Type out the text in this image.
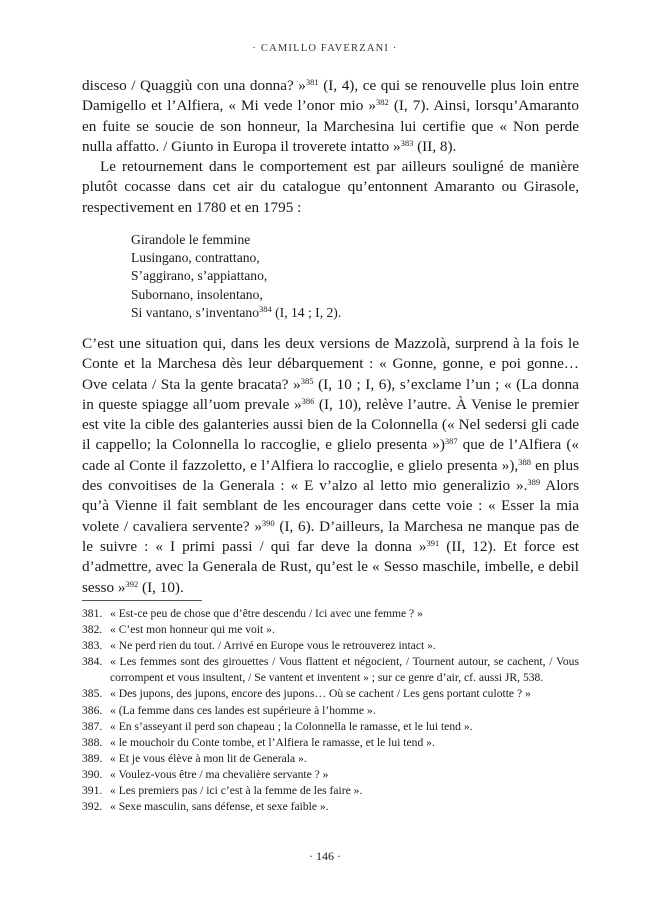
· CAMILLO FAVERZANI ·

disceso / Quaggiù con una donna? »$^{381}$ (I, 4), ce qui se renouvelle plus loin entre Damigello et l’Alfiera, « Mi vede l’onor mio »$^{382}$ (I, 7). Ainsi, lorsqu’Amaranto en fuite se soucie de son honneur, la Marchesina lui certifie que « Non perde nulla affatto. / Giunto in Europa il troverete intatto »$^{383}$ (II, 8).

Le retournement dans le comportement est par ailleurs souligné de manière plutôt cocasse dans cet air du catalogue qu’entonnent Amaranto ou Girasole, respectivement en 1780 et en 1795 :

Girandole le femmine
Lusingano, contrattano,
S’aggirano, s’appiattano,
Subornano, insolentano,
Si vantano, s’inventano$^{384}$ (I, 14 ; I, 2).

C’est une situation qui, dans les deux versions de Mazzolà, surprend à la fois le Conte et la Marchesa dès leur débarquement : « Gonne, gonne, e poi gonne… Ove celata / Sta la gente bracata? »$^{385}$ (I, 10 ; I, 6), s’exclame l’un ; « (La donna in queste spiagge all’uom prevale »$^{386}$ (I, 10), relève l’autre. À Venise le premier est vite la cible des galanteries aussi bien de la Colonnella (« Nel sedersi gli cade il cappello; la Colonnella lo raccoglie, e glielo presenta »)$^{387}$ que de l’Alfiera (« cade al Conte il fazzoletto, e l’Alfiera lo raccoglie, e glielo presenta »),$^{388}$ en plus des convoitises de la Generala : « E v’alzo al letto mio generalizio ».$^{389}$ Alors qu’à Vienne il fait semblant de les encourager dans cette voie : « Esser la mia volete / cavaliera servente? »$^{390}$ (I, 6). D’ailleurs, la Marchesa ne manque pas de le suivre : « I primi passi / qui far deve la donna »$^{391}$ (II, 12). Et force est d’admettre, avec la Generala de Rust, qu’est le « Sesso maschile, imbelle, e debil sesso »$^{392}$ (I, 10).

381. « Est-ce peu de chose que d’être descendu / Ici avec une femme ? »
382. « C’est mon honneur qui me voit ».
383. « Ne perd rien du tout. / Arrivé en Europe vous le retrouverez intact ».
384. « Les femmes sont des girouettes / Vous flattent et négocient, / Tournent autour, se cachent, / Vous corrompent et vous insultent, / Se vantent et inventent » ; sur ce genre d’air, cf. aussi JR, 538.
385. « Des jupons, des jupons, encore des jupons… Où se cachent / Les gens portant culotte ? »
386. « (La femme dans ces landes est supérieure à l’homme ».
387. « En s’asseyant il perd son chapeau ; la Colonnella le ramasse, et le lui tend ».
388. « le mouchoir du Conte tombe, et l’Alfiera le ramasse, et le lui tend ».
389. « Et je vous élève à mon lit de Generala ».
390. « Voulez-vous être / ma chevalière servante ? »
391. « Les premiers pas / ici c’est à la femme de les faire ».
392. « Sexe masculin, sans défense, et sexe faible ».
· 146 ·
